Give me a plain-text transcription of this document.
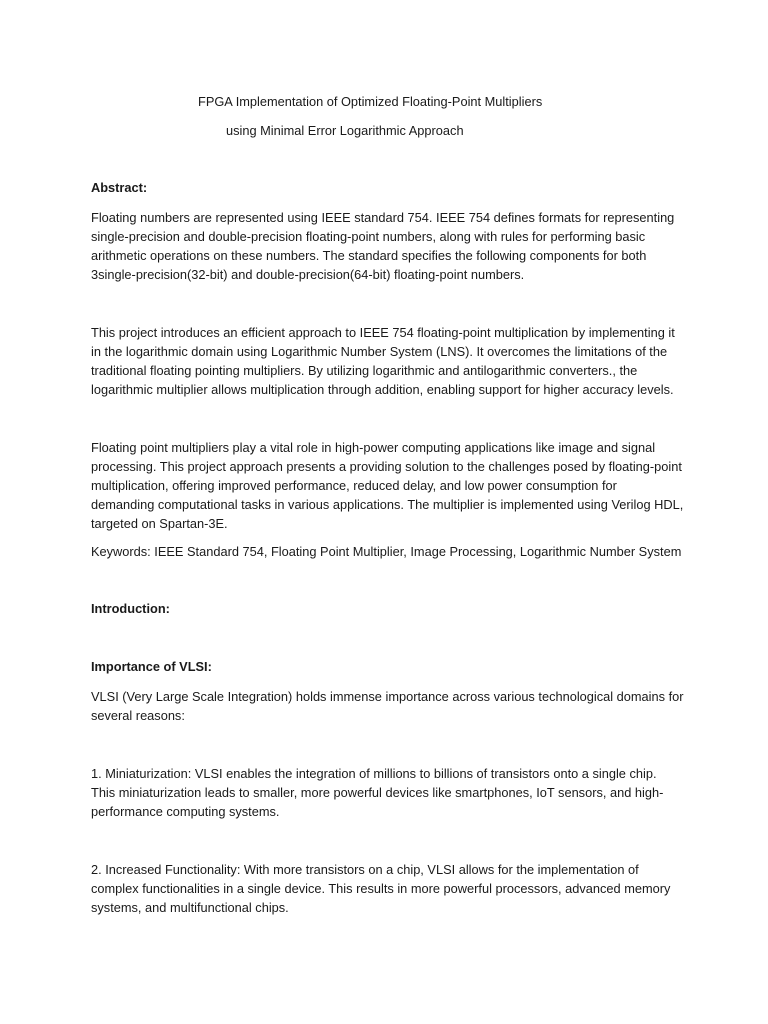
FPGA Implementation of Optimized Floating-Point Multipliers
using Minimal Error Logarithmic Approach
Abstract:
Floating numbers are represented using IEEE standard 754. IEEE 754 defines formats for representing
single-precision and double-precision floating-point numbers, along with rules for performing basic
arithmetic operations on these numbers. The standard specifies the following components for both
3single-precision(32-bit) and double-precision(64-bit) floating-point numbers.
This project introduces an efficient approach to IEEE 754 floating-point multiplication by implementing it
in the logarithmic domain using Logarithmic Number System (LNS). It overcomes the limitations of the
traditional floating pointing multipliers. By utilizing logarithmic and antilogarithmic converters., the
logarithmic multiplier allows multiplication through addition, enabling support for higher accuracy levels.
Floating point multipliers play a vital role in high-power computing applications like image and signal
processing. This project approach presents a providing solution to the challenges posed by floating-point
multiplication, offering improved performance, reduced delay, and low power consumption for
demanding computational tasks in various applications. The multiplier is implemented using Verilog HDL,
targeted on Spartan-3E.
Keywords: IEEE Standard 754, Floating Point Multiplier, Image Processing, Logarithmic Number System
Introduction:
Importance of VLSI:
VLSI (Very Large Scale Integration) holds immense importance across various technological domains for
several reasons:
1. Miniaturization: VLSI enables the integration of millions to billions of transistors onto a single chip.
This miniaturization leads to smaller, more powerful devices like smartphones, IoT sensors, and high-
performance computing systems.
2. Increased Functionality: With more transistors on a chip, VLSI allows for the implementation of
complex functionalities in a single device. This results in more powerful processors, advanced memory
systems, and multifunctional chips.
